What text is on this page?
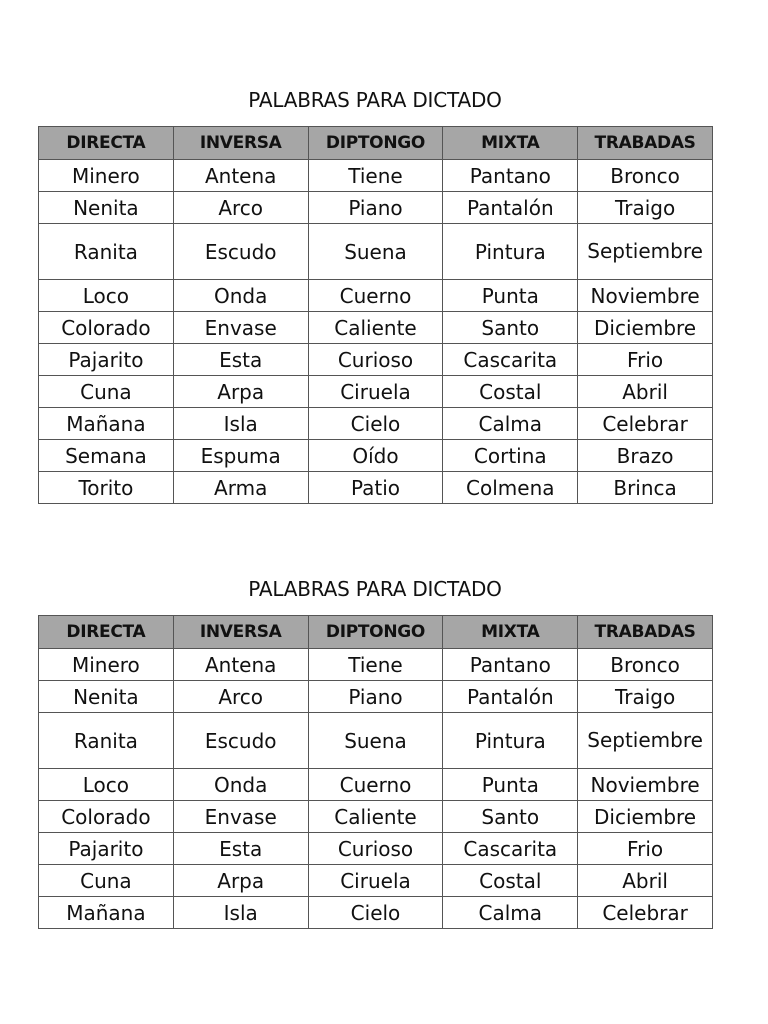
PALABRAS PARA DICTADO
DIRECTA	INVERSA	DIPTONGO	MIXTA	TRABADAS
Minero	Antena	Tiene	Pantano	Bronco
Nenita	Arco	Piano	Pantalón	Traigo
Ranita	Escudo	Suena	Pintura	Septiembre
Loco	Onda	Cuerno	Punta	Noviembre
Colorado	Envase	Caliente	Santo	Diciembre
Pajarito	Esta	Curioso	Cascarita	Frio
Cuna	Arpa	Ciruela	Costal	Abril
Mañana	Isla	Cielo	Calma	Celebrar
Semana	Espuma	Oído	Cortina	Brazo
Torito	Arma	Patio	Colmena	Brinca
PALABRAS PARA DICTADO
DIRECTA	INVERSA	DIPTONGO	MIXTA	TRABADAS
Minero	Antena	Tiene	Pantano	Bronco
Nenita	Arco	Piano	Pantalón	Traigo
Ranita	Escudo	Suena	Pintura	Septiembre
Loco	Onda	Cuerno	Punta	Noviembre
Colorado	Envase	Caliente	Santo	Diciembre
Pajarito	Esta	Curioso	Cascarita	Frio
Cuna	Arpa	Ciruela	Costal	Abril
Mañana	Isla	Cielo	Calma	Celebrar
